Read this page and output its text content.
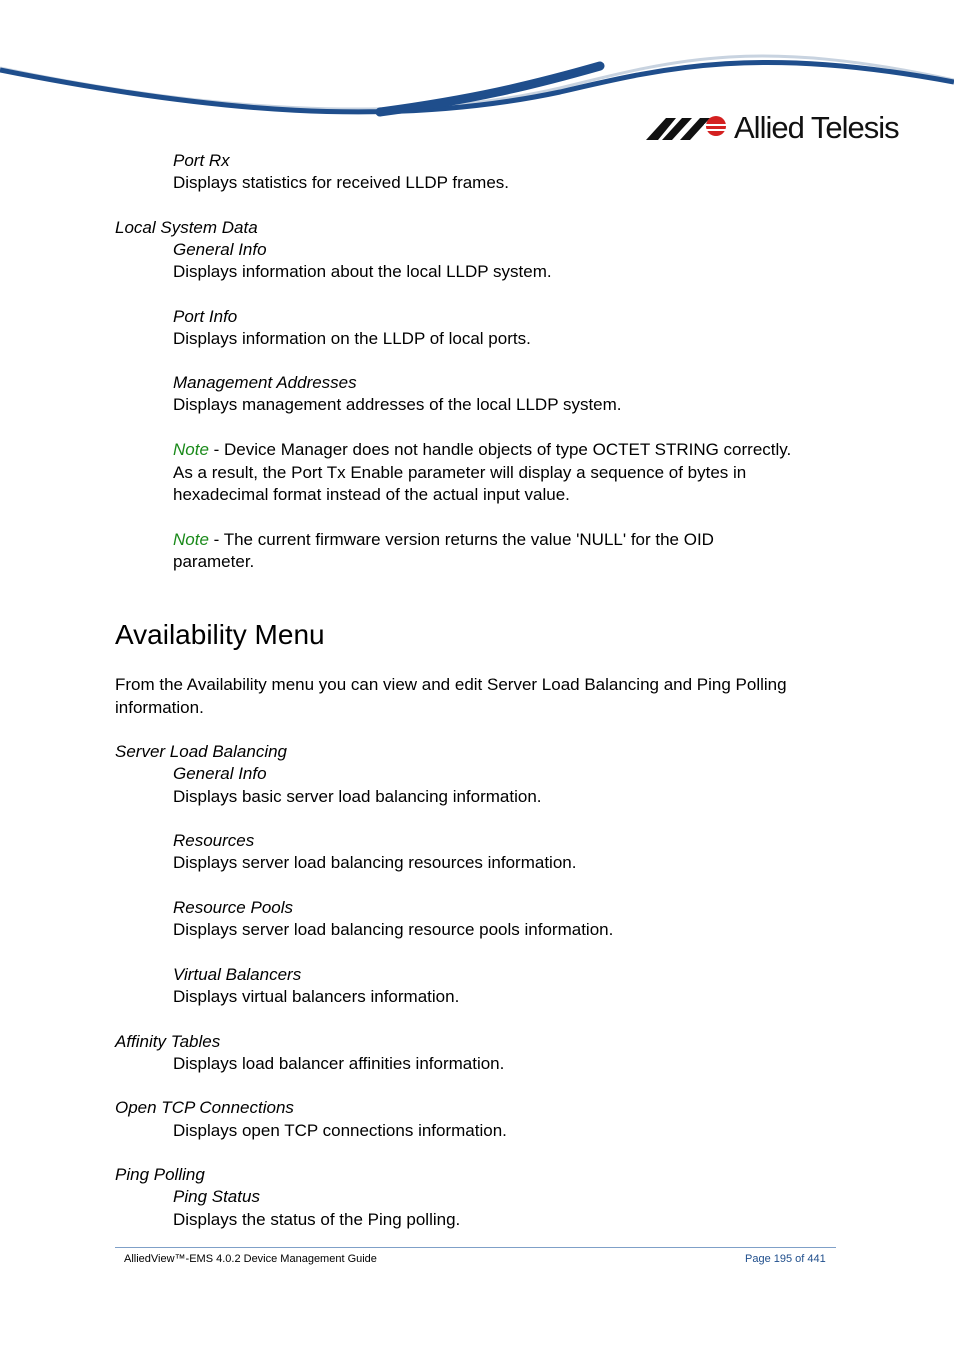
Allied Telesis
Port Rx
Displays statistics for received LLDP frames.
Local System Data
General Info
Displays information about the local LLDP system.
Port Info
Displays information on the LLDP of local ports.
Management Addresses
Displays management addresses of the local LLDP system.
Note - Device Manager does not handle objects of type OCTET STRING correctly.
As a result, the Port Tx Enable parameter will display a sequence of bytes in
hexadecimal format instead of the actual input value.
Note - The current firmware version returns the value 'NULL' for the OID
parameter.
Availability Menu
From the Availability menu you can view and edit Server Load Balancing and Ping Polling
information.
Server Load Balancing
General Info
Displays basic server load balancing information.
Resources
Displays server load balancing resources information.
Resource Pools
Displays server load balancing resource pools information.
Virtual Balancers
Displays virtual balancers information.
Affinity Tables
Displays load balancer affinities information.
Open TCP Connections
Displays open TCP connections information.
Ping Polling
Ping Status
Displays the status of the Ping polling.
AlliedView™-EMS 4.0.2 Device Management Guide	Page 195 of 441
